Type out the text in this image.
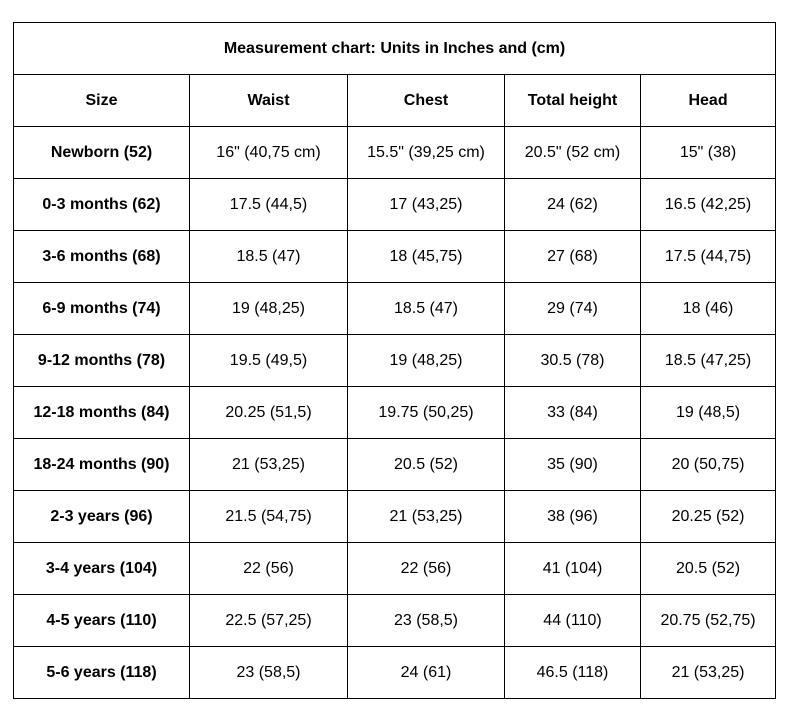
Measurement chart: Units in Inches and (cm)				
Size	Waist	Chest	Total height	Head
Newborn (52)	16" (40,75 cm)	15.5" (39,25 cm)	20.5" (52 cm)	15" (38)
0-3 months (62)	17.5 (44,5)	17 (43,25)	24 (62)	16.5 (42,25)
3-6 months (68)	18.5 (47)	18 (45,75)	27 (68)	17.5 (44,75)
6-9 months (74)	19 (48,25)	18.5 (47)	29 (74)	18 (46)
9-12 months (78)	19.5 (49,5)	19 (48,25)	30.5 (78)	18.5 (47,25)
12-18 months (84)	20.25 (51,5)	19.75 (50,25)	33 (84)	19 (48,5)
18-24 months (90)	21 (53,25)	20.5 (52)	35 (90)	20 (50,75)
2-3 years (96)	21.5 (54,75)	21 (53,25)	38 (96)	20.25 (52)
3-4 years (104)	22 (56)	22 (56)	41 (104)	20.5 (52)
4-5 years (110)	22.5 (57,25)	23 (58,5)	44 (110)	20.75 (52,75)
5-6 years (118)	23 (58,5)	24 (61)	46.5 (118)	21 (53,25)
